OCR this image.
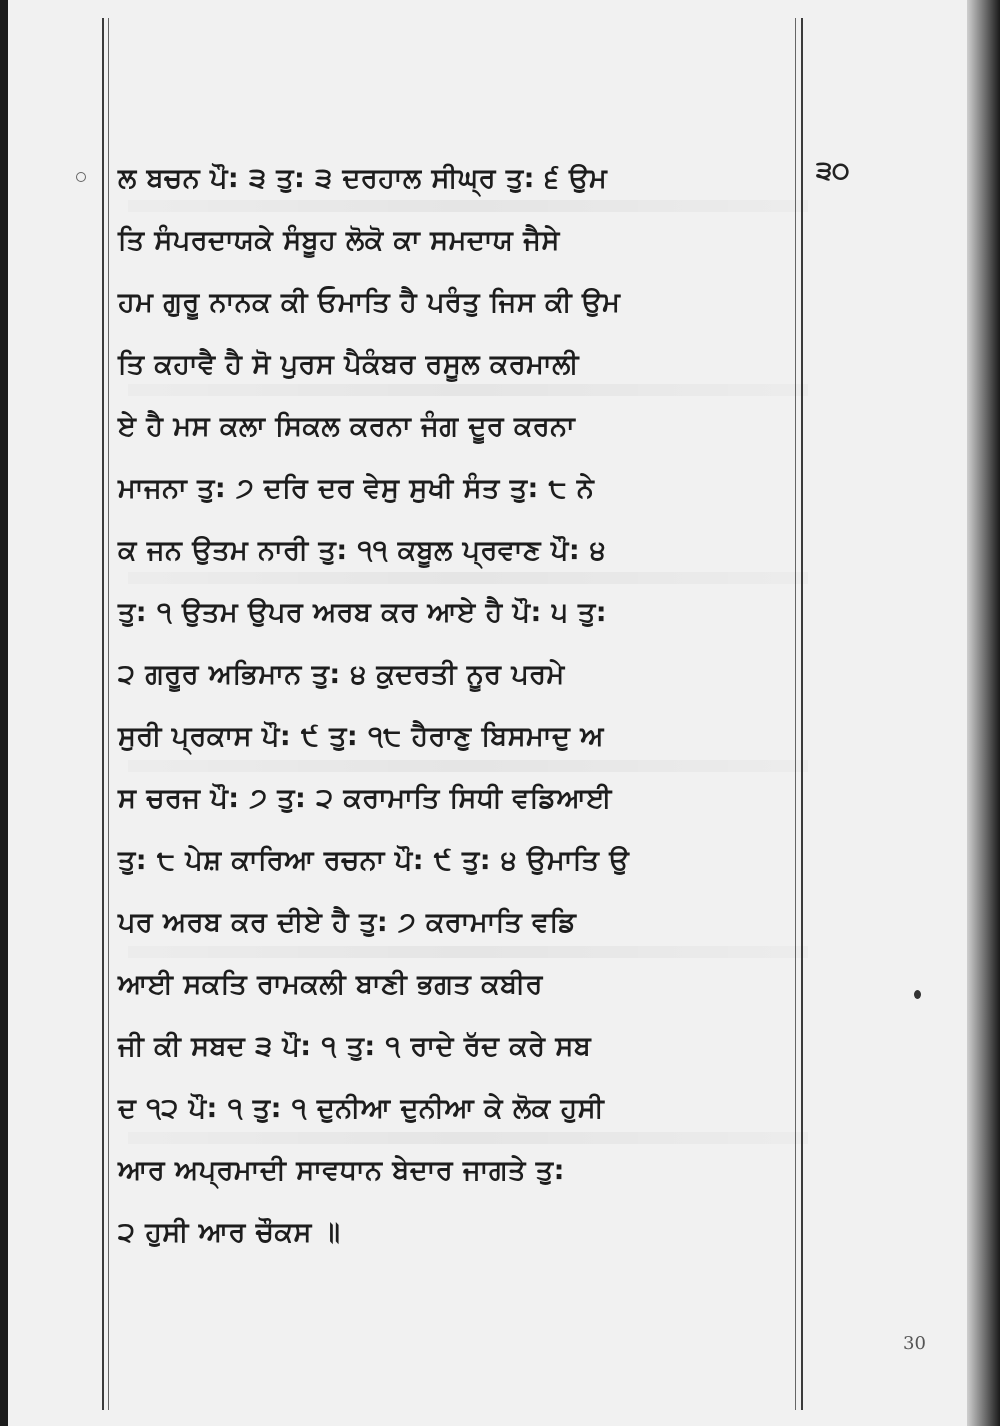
੩੦
ਲ ਬਚਨ ਪੌ: ੩ ਤੁ: ੩ ਦਰਹਾਲ ਸੀਘ੍ਰ ਤੁ: ੬ ਉਮ
ਤਿ ਸੰਪਰਦਾਯਕੇ ਸੰਬੂਹ ਲੋਕੋ ਕਾ ਸਮਦਾਯ ਜੈਸੇ
ਹਮ ਗੁਰੂ ਨਾਨਕ ਕੀ ਓਮਾਤਿ ਹੈ ਪਰੰਤੁ ਜਿਸ ਕੀ ਉਮ
ਤਿ ਕਹਾਵੈ ਹੈ ਸੋ ਪੁਰਸ ਪੈਕੰਬਰ ਰਸੂਲ ਕਰਮਾਲੀ
ਏ ਹੈ ਮਸ ਕਲਾ ਸਿਕਲ ਕਰਨਾ ਜੰਗ ਦੂਰ ਕਰਨਾ
ਮਾਜਨਾ ਤੁ: ੭ ਦਰਿ ਦਰ ਵੇਸੁ ਸੁਖੀ ਸੰਤ ਤੁ: ੮ ਨੇ
ਕ ਜਨ ਉਤਮ ਨਾਰੀ ਤੁ: ੧੧ ਕਬੂਲ ਪ੍ਰਵਾਣ ਪੌ: ੪
ਤੁ: ੧ ਉਤਮ ਉਪਰ ਅਰਬ ਕਰ ਆਏ ਹੈ ਪੌ: ੫ ਤੁ:
੨ ਗਰੂਰ ਅਭਿਮਾਨ ਤੁ: ੪ ਕੁਦਰਤੀ ਨੂਰ ਪਰਮੇ
ਸੁਰੀ ਪ੍ਰਕਾਸ ਪੌ: ੯ ਤੁ: ੧੮ ਹੈਰਾਣੁ ਬਿਸਮਾਦੁ ਅ
ਸ ਚਰਜ ਪੌ: ੭ ਤੁ: ੨ ਕਰਾਮਾਤਿ ਸਿਧੀ ਵਡਿਆਈ
ਤੁ: ੮ ਪੇਸ਼ ਕਾਰਿਆ ਰਚਨਾ ਪੌ: ੯ ਤੁ: ੪ ਉਮਾਤਿ ਉ
ਪਰ ਅਰਬ ਕਰ ਦੀਏ ਹੈ ਤੁ: ੭ ਕਰਾਮਾਤਿ ਵਡਿ
ਆਈ ਸਕਤਿ ਰਾਮਕਲੀ ਬਾਣੀ ਭਗਤ ਕਬੀਰ
ਜੀ ਕੀ ਸਬਦ ੩ ਪੌ: ੧ ਤੁ: ੧ ਰਾਦੇ ਰੱਦ ਕਰੇ ਸਬ
ਦ ੧੨ ਪੌ: ੧ ਤੁ: ੧ ਦੁਨੀਆ ਦੁਨੀਆ ਕੇ ਲੋਕ ਹੁਸੀ
ਆਰ ਅਪ੍ਰਮਾਦੀ ਸਾਵਧਾਨ ਬੇਦਾਰ ਜਾਗਤੇ ਤੁ:
੨ ਹੁਸੀ ਆਰ ਚੌਕਸ ॥
30
